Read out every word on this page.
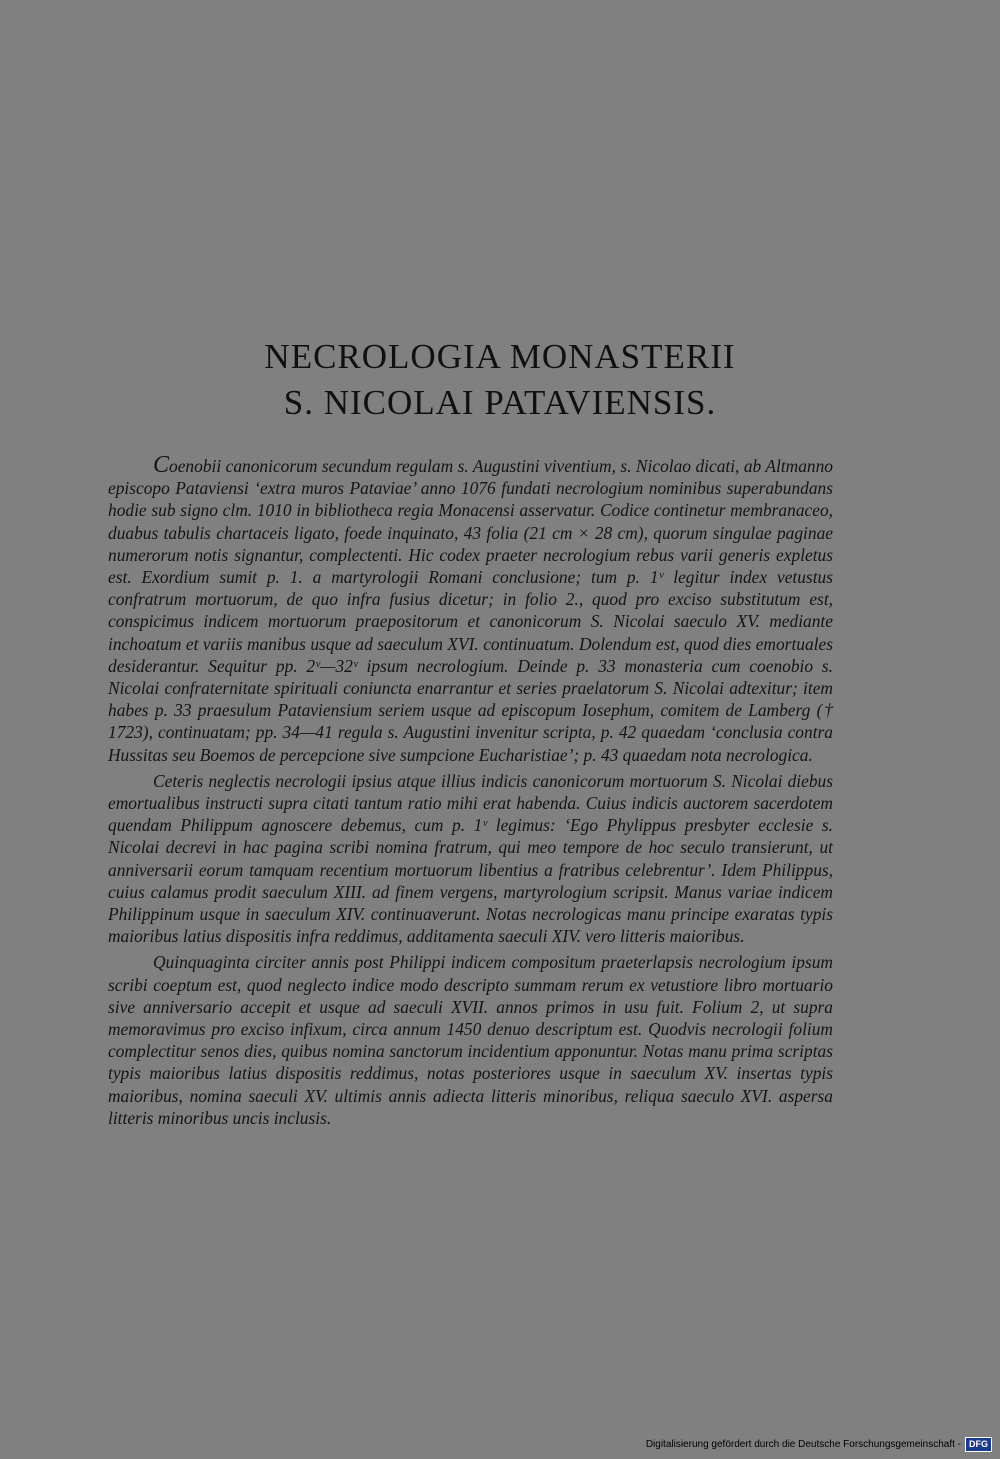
NECROLOGIA MONASTERII
S. NICOLAI PATAVIENSIS.

Coenobii canonicorum secundum regulam s. Augustini viventium, s. Nicolao dicati, ab Altmanno episcopo Pataviensi ‘extra muros Pataviae’ anno 1076 fundati necrologium nominibus superabundans hodie sub signo clm. 1010 in bibliotheca regia Monacensi asservatur. Codice continetur membranaceo, duabus tabulis chartaceis ligato, foede inquinato, 43 folia (21 cm × 28 cm), quorum singulae paginae numerorum notis signantur, complectenti. Hic codex praeter necrologium rebus varii generis expletus est. Exordium sumit p. 1. a martyrologii Romani conclusione; tum p. 1ᵛ legitur index vetustus confratrum mortuorum, de quo infra fusius dicetur; in folio 2., quod pro exciso substitutum est, conspicimus indicem mortuorum praepositorum et canonicorum S. Nicolai saeculo XV. mediante inchoatum et variis manibus usque ad saeculum XVI. continuatum. Dolendum est, quod dies emortuales desiderantur. Sequitur pp. 2ᵛ—32ᵛ ipsum necrologium. Deinde p. 33 monasteria cum coenobio s. Nicolai confraternitate spirituali coniuncta enarrantur et series praelatorum S. Nicolai adtexitur; item habes p. 33 praesulum Pataviensium seriem usque ad episcopum Iosephum, comitem de Lamberg († 1723), continuatam; pp. 34—41 regula s. Augustini invenitur scripta, p. 42 quaedam ‘conclusia contra Hussitas seu Boemos de percepcione sive sumpcione Eucharistiae’; p. 43 quaedam nota necrologica.

Ceteris neglectis necrologii ipsius atque illius indicis canonicorum mortuorum S. Nicolai diebus emortualibus instructi supra citati tantum ratio mihi erat habenda. Cuius indicis auctorem sacerdotem quendam Philippum agnoscere debemus, cum p. 1ᵛ legimus: ‘Ego Phylippus presbyter ecclesie s. Nicolai decrevi in hac pagina scribi nomina fratrum, qui meo tempore de hoc seculo transierunt, ut anniversarii eorum tamquam recentium mortuorum libentius a fratribus celebrentur’. Idem Philippus, cuius calamus prodit saeculum XIII. ad finem vergens, martyrologium scripsit. Manus variae indicem Philippinum usque in saeculum XIV. continuaverunt. Notas necrologicas manu principe exaratas typis maioribus latius dispositis infra reddimus, additamenta saeculi XIV. vero litteris maioribus.

Quinquaginta circiter annis post Philippi indicem compositum praeterlapsis necrologium ipsum scribi coeptum est, quod neglecto indice modo descripto summam rerum ex vetustiore libro mortuario sive anniversario accepit et usque ad saeculi XVII. annos primos in usu fuit. Folium 2, ut supra memoravimus pro exciso infixum, circa annum 1450 denuo descriptum est. Quodvis necrologii folium complectitur senos dies, quibus nomina sanctorum incidentium apponuntur. Notas manu prima scriptas typis maioribus latius dispositis reddimus, notas posteriores usque in saeculum XV. insertas typis maioribus, nomina saeculi XV. ultimis annis adiecta litteris minoribus, reliqua saeculo XVI. aspersa litteris minoribus uncis inclusis.

Digitalisierung gefördert durch die Deutsche Forschungsgemeinschaft - DFG
